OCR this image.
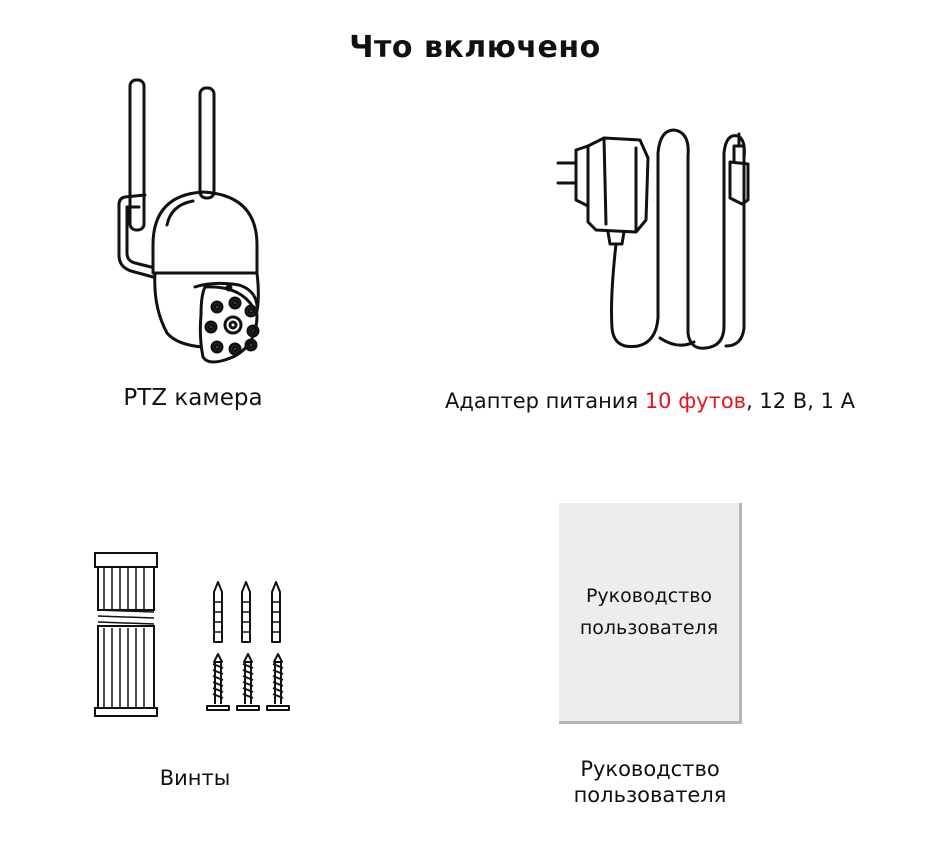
Что включено
PTZ камера	Адаптер питания 10 футов, 12 В, 1 А
Винты
Руководство
пользователя
Руководство
пользователя
